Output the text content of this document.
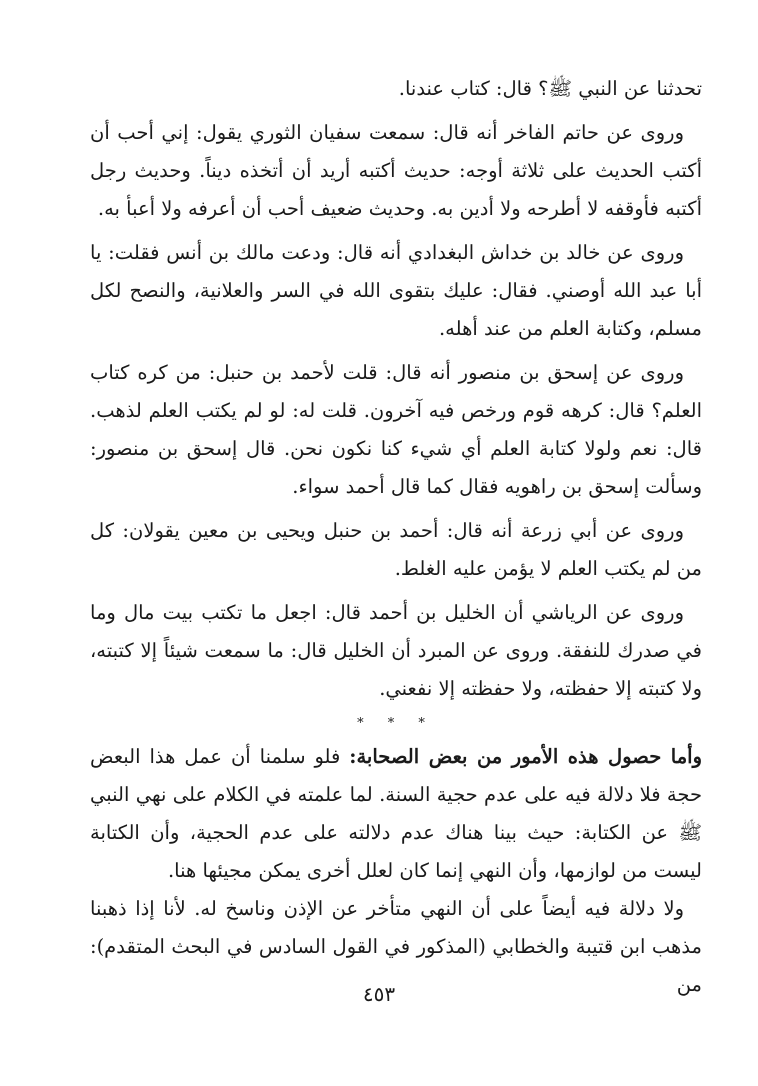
تحدثنا عن النبي ﷺ؟ قال: كتاب عندنا.

وروى عن حاتم الفاخر أنه قال: سمعت سفيان الثوري يقول: إني أحب أن أكتب الحديث على ثلاثة أوجه: حديث أكتبه أريد أن أتخذه ديناً. وحديث رجل أكتبه فأوقفه لا أطرحه ولا أدين به. وحديث ضعيف أحب أن أعرفه ولا أعبأ به.

وروى عن خالد بن خداش البغدادي أنه قال: ودعت مالك بن أنس فقلت: يا أبا عبد الله أوصني. فقال: عليك بتقوى الله في السر والعلانية، والنصح لكل مسلم، وكتابة العلم من عند أهله.

وروى عن إسحق بن منصور أنه قال: قلت لأحمد بن حنبل: من كره كتاب العلم؟ قال: كرهه قوم ورخص فيه آخرون. قلت له: لو لم يكتب العلم لذهب. قال: نعم ولولا كتابة العلم أي شيء كنا نكون نحن. قال إسحق بن منصور: وسألت إسحق بن راهويه فقال كما قال أحمد سواء.

وروى عن أبي زرعة أنه قال: أحمد بن حنبل ويحيى بن معين يقولان: كل من لم يكتب العلم لا يؤمن عليه الغلط.

وروى عن الرياشي أن الخليل بن أحمد قال: اجعل ما تكتب بيت مال وما في صدرك للنفقة. وروى عن المبرد أن الخليل قال: ما سمعت شيئاً إلا كتبته، ولا كتبته إلا حفظته، ولا حفظته إلا نفعني.

* * *

وأما حصول هذه الأمور من بعض الصحابة: فلو سلمنا أن عمل هذا البعض حجة فلا دلالة فيه على عدم حجية السنة. لما علمته في الكلام على نهي النبي ﷺ عن الكتابة: حيث بينا هناك عدم دلالته على عدم الحجية، وأن الكتابة ليست من لوازمها، وأن النهي إنما كان لعلل أخرى يمكن مجيئها هنا.

ولا دلالة فيه أيضاً على أن النهي متأخر عن الإذن وناسخ له. لأنا إذا ذهبنا مذهب ابن قتيبة والخطابي (المذكور في القول السادس في البحث المتقدم): من

٤٥٣
